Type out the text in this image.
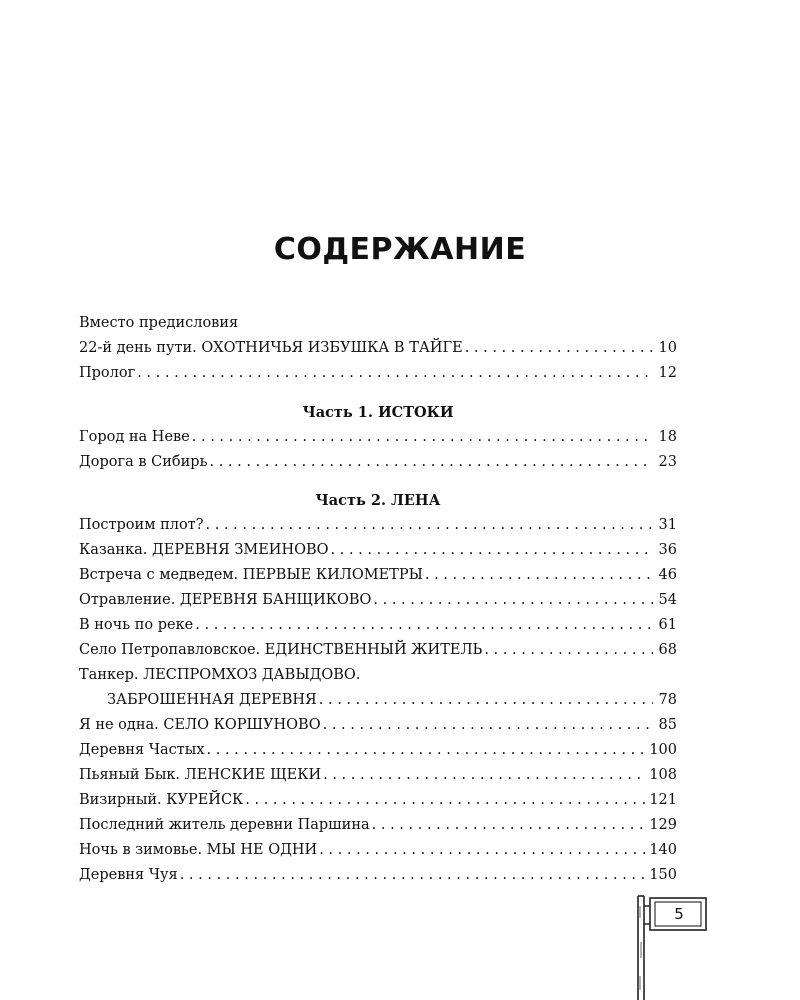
СОДЕРЖАНИЕ
Вместо предисловия
22-й день пути. ОХОТНИЧЬЯ ИЗБУШКА В ТАЙГЕ . . .	10
Пролог . . .	12
Часть 1. ИСТОКИ
Город на Неве . . .	18
Дорога в Сибирь . . .	23
Часть 2. ЛЕНА
Построим плот? . . .	31
Казанка. ДЕРЕВНЯ ЗМЕИНОВО . . .	36
Встреча с медведем. ПЕРВЫЕ КИЛОМЕТРЫ . . .	46
Отравление. ДЕРЕВНЯ БАНЩИКОВО . . .	54
В ночь по реке . . .	61
Село Петропавловское. ЕДИНСТВЕННЫЙ ЖИТЕЛЬ . . .	68
Танкер. ЛЕСПРОМХОЗ ДАВЫДОВО.
ЗАБРОШЕННАЯ ДЕРЕВНЯ . . .	78
Я не одна. СЕЛО КОРШУНОВО . . .	85
Деревня Частых . . .	100
Пьяный Бык. ЛЕНСКИЕ ЩЕКИ . . .	108
Визирный. КУРЕЙСК . . .	121
Последний житель деревни Паршина . . .	129
Ночь в зимовье. МЫ НЕ ОДНИ . . .	140
Деревня Чуя . . .	150
5
